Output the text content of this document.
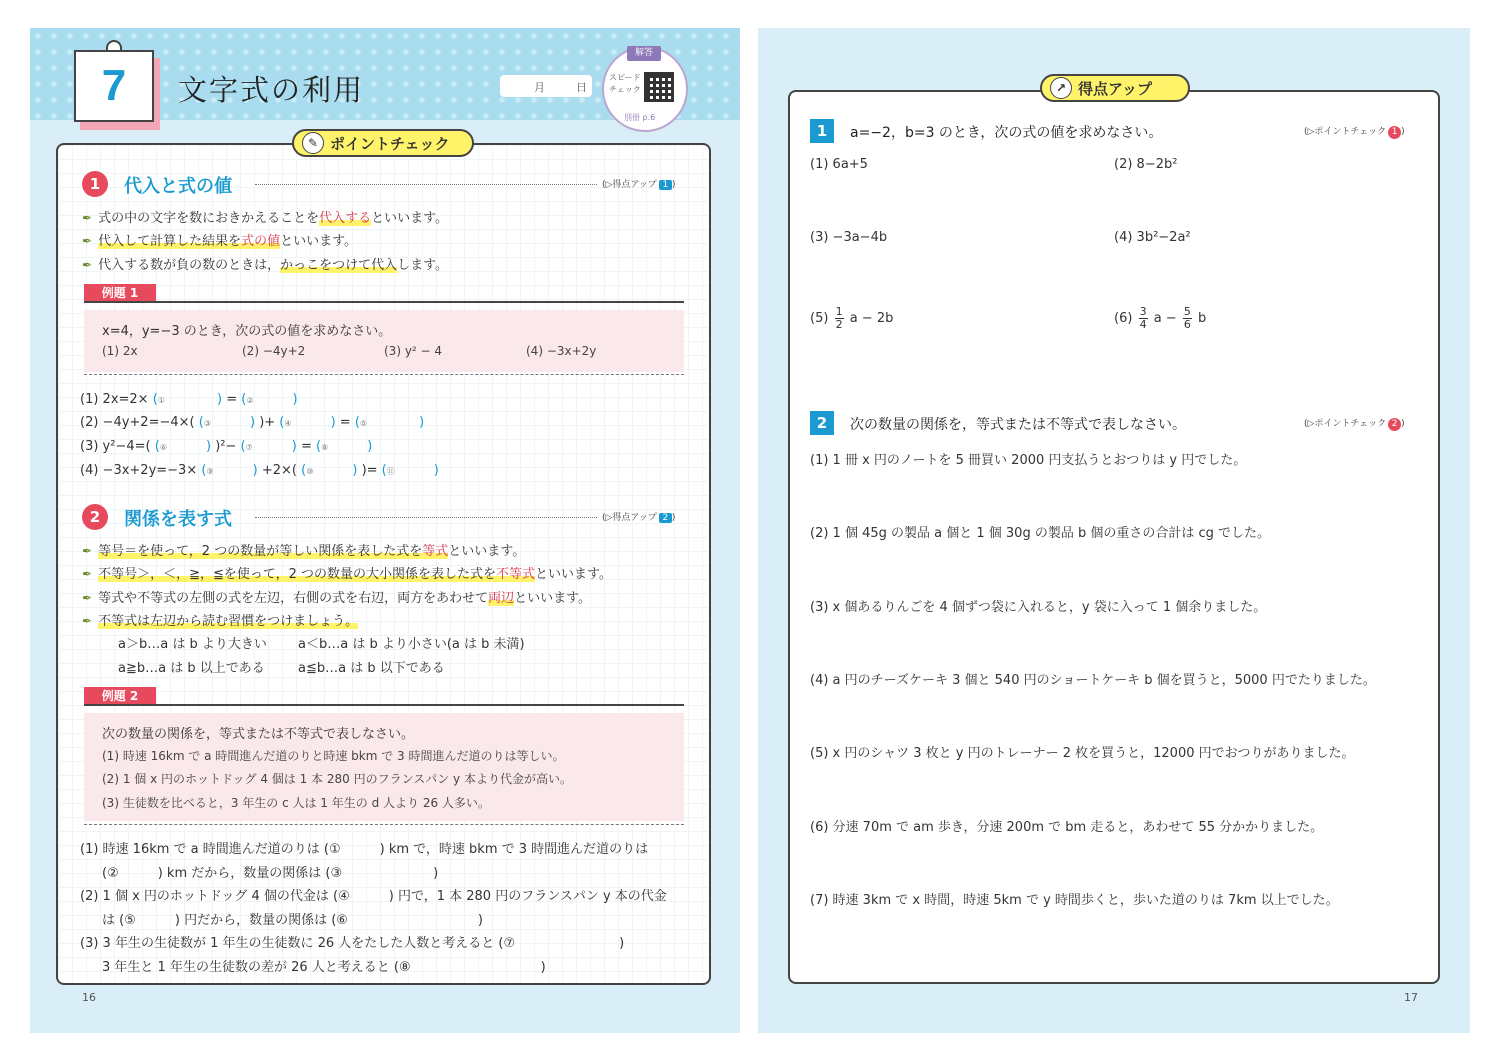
7	文字式の利用	月	日
解答
スピード
チェック
別冊 p.6
✎ ポイントチェック
1	代入と式の値	(▷得点アップ 1 )
✒ 式の中の文字を数におきかえることを代入するといいます。
✒ 代入して計算した結果を式の値といいます。
✒ 代入する数が負の数のときは，かっこをつけて代入します。
例題 1
x=4，y=−3 のとき，次の式の値を求めなさい。
(1) 2x	(2) −4y+2	(3) y² − 4	(4) −3x+2y
(1) 2x=2× (①　　　　) = (②　　　)
(2) −4y+2=−4×( (③　　　) )+ (④　　　) = (⑤　　　　)
(3) y²−4=( (⑥　　　) )²− (⑦　　　) = (⑧　　　)
(4) −3x+2y=−3× (⑨　　　) +2×( (⑩　　　) )= (⑪　　　)
2	関係を表す式	(▷得点アップ 2 )
✒ 等号＝を使って，2 つの数量が等しい関係を表した式を等式といいます。
✒ 不等号＞，＜，≧，≦を使って，2 つの数量の大小関係を表した式を不等式といいます。
✒ 等式や不等式の左側の式を左辺，右側の式を右辺，両方をあわせて両辺といいます。
✒ 不等式は左辺から読む習慣をつけましょう。
a＞b…a は b より大きい a＜b…a は b より小さい(a は b 未満)
a≧b…a は b 以上である	a≦b…a は b 以下である
例題 2
次の数量の関係を，等式または不等式で表しなさい。
(1) 時速 16km で a 時間進んだ道のりと時速 bkm で 3 時間進んだ道のりは等しい。
(2) 1 個 x 円のホットドッグ 4 個は 1 本 280 円のフランスパン y 本より代金が高い。
(3) 生徒数を比べると，3 年生の c 人は 1 年生の d 人より 26 人多い。
(1) 時速 16km で a 時間進んだ道のりは (①　　　) km で，時速 bkm で 3 時間進んだ道のりは
(②　　　) km だから，数量の関係は (③　　　　　　　)
(2) 1 個 x 円のホットドッグ 4 個の代金は (④　　　) 円で，1 本 280 円のフランスパン y 本の代金
は (⑤　　　) 円だから，数量の関係は (⑥　　　　　　　　　　)
(3) 3 年生の生徒数が 1 年生の生徒数に 26 人をたした人数と考えると (⑦　　　　　　　　)
3 年生と 1 年生の生徒数の差が 26 人と考えると (⑧　　　　　　　　　　)
16
↗ 得点アップ
1	a=−2，b=3 のとき，次の式の値を求めなさい。	(▷ポイントチェック 1 )
(1) 6a+5	(2) 8−2b²
(3) −3a−4b	(4) 3b²−2a²
$(5) \frac{1}{2}$ a − 2b	$(6) \frac{3}{4}$ $a - \frac{5}{6}$ b
2	次の数量の関係を，等式または不等式で表しなさい。	(▷ポイントチェック 2 )
(1) 1 冊 x 円のノートを 5 冊買い 2000 円支払うとおつりは y 円でした。
(2) 1 個 45g の製品 a 個と 1 個 30g の製品 b 個の重さの合計は cg でした。
(3) x 個あるりんごを 4 個ずつ袋に入れると，y 袋に入って 1 個余りました。
(4) a 円のチーズケーキ 3 個と 540 円のショートケーキ b 個を買うと，5000 円でたりました。
(5) x 円のシャツ 3 枚と y 円のトレーナー 2 枚を買うと，12000 円でおつりがありました。
(6) 分速 70m で am 歩き，分速 200m で bm 走ると，あわせて 55 分かかりました。
(7) 時速 3km で x 時間，時速 5km で y 時間歩くと，歩いた道のりは 7km 以上でした。
17
